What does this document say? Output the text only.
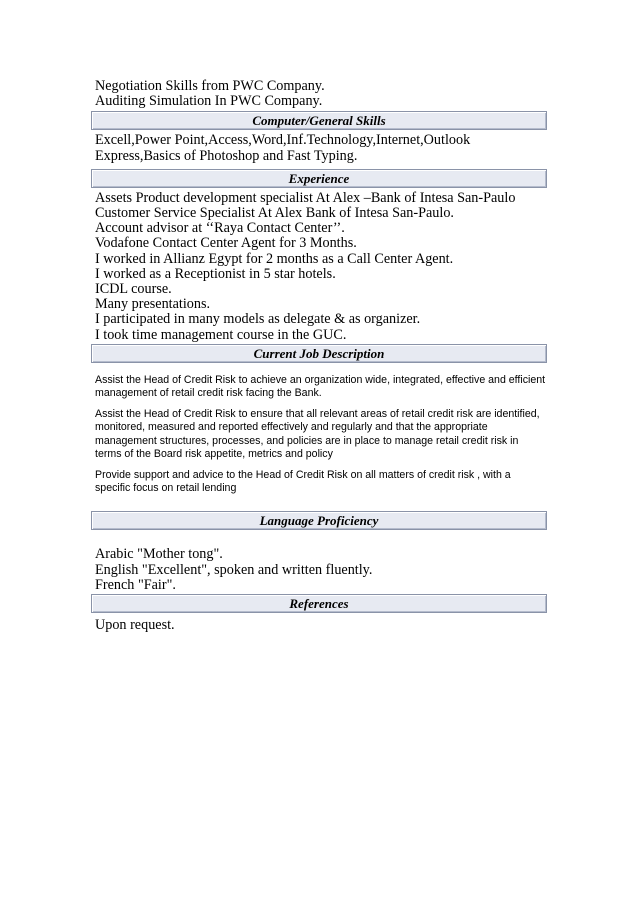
Negotiation Skills from PWC Company.
Auditing Simulation In PWC Company.
Computer/General Skills
Excell,Power Point,Access,Word,Inf.Technology,Internet,Outlook Express,Basics of Photoshop and Fast Typing.
Experience
Assets Product development specialist At Alex –Bank of Intesa San-Paulo
Customer Service Specialist At Alex Bank of Intesa San-Paulo.
Account advisor at ‘‘Raya Contact Center’’.
Vodafone Contact Center Agent for 3 Months.
I worked in Allianz Egypt for 2 months as a Call Center Agent.
I worked as a Receptionist in 5 star hotels.
ICDL course.
Many presentations.
I participated in many models as delegate & as organizer.
I took time management course in the GUC.
Current Job Description
Assist the Head of Credit Risk to achieve an organization wide, integrated, effective and efficient management of retail credit risk facing the Bank.
Assist the Head of Credit Risk to ensure that all relevant areas of retail credit risk are identified, monitored, measured and reported effectively and regularly and that the appropriate management structures, processes, and policies are in place to manage retail credit risk in terms of the Board risk appetite, metrics and policy
Provide support and advice to the Head of Credit Risk on all matters of credit risk , with a specific focus on retail lending
Language Proficiency
Arabic "Mother tong".
English "Excellent", spoken and written fluently.
French "Fair".
References
Upon request.
